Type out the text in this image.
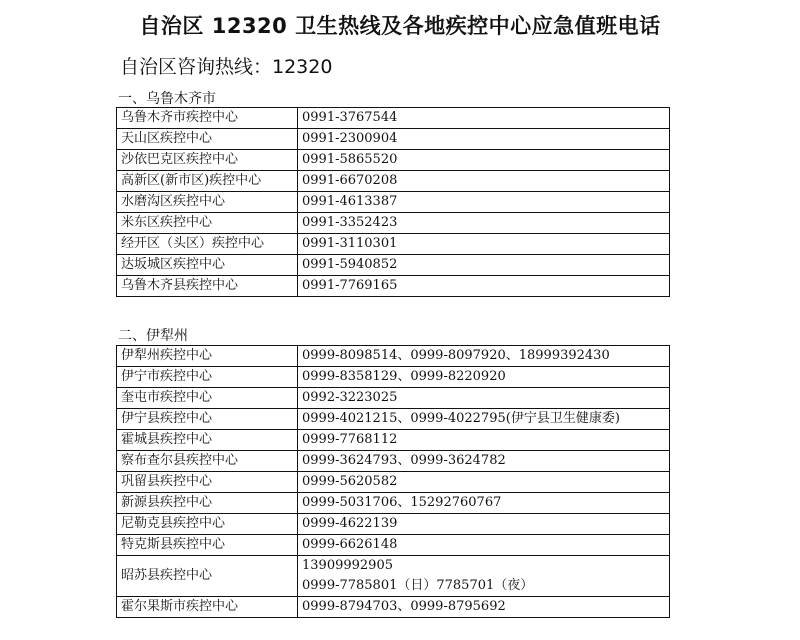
自治区 12320 卫生热线及各地疾控中心应急值班电话
自治区咨询热线：12320
一、乌鲁木齐市
乌鲁木齐市疾控中心	0991-3767544

天山区疾控中心	0991-2300904

沙依巴克区疾控中心	0991-5865520

高新区(新市区)疾控中心	0991-6670208

水磨沟区疾控中心	0991-4613387

米东区疾控中心	0991-3352423

经开区（头区）疾控中心	0991-3110301

达坂城区疾控中心	0991-5940852

乌鲁木齐县疾控中心	0991-7769165
二、伊犁州
伊犁州疾控中心	0999-8098514、0999-8097920、18999392430

伊宁市疾控中心	0999-8358129、0999-8220920

奎屯市疾控中心	0992-3223025

伊宁县疾控中心	0999-4021215、0999-4022795(伊宁县卫生健康委)

霍城县疾控中心	0999-7768112

察布查尔县疾控中心	0999-3624793、0999-3624782

巩留县疾控中心	0999-5620582

新源县疾控中心	0999-5031706、15292760767

尼勒克县疾控中心	0999-4622139

特克斯县疾控中心	0999-6626148

昭苏县疾控中心	13909992905
0999-7785801（日）7785701（夜）

霍尔果斯市疾控中心	0999-8794703、0999-8795692
